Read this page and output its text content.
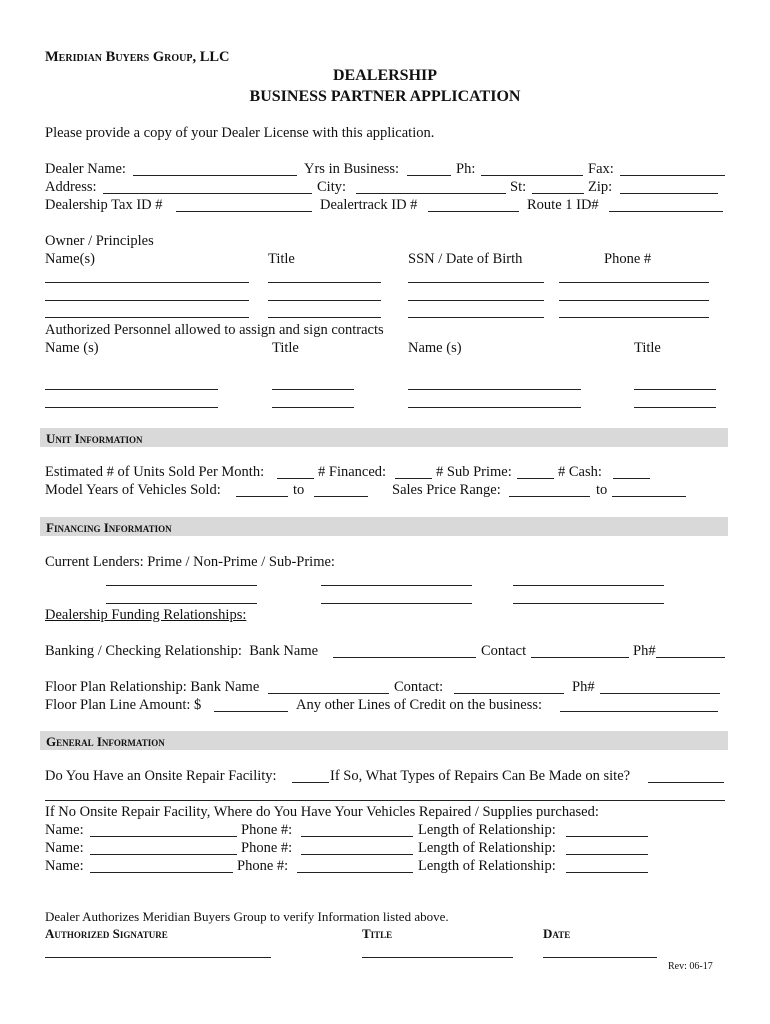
Meridian Buyers Group, LLC
DEALERSHIP
BUSINESS PARTNER APPLICATION
Please provide a copy of your Dealer License with this application.
Dealer Name:	Yrs in Business:	Ph:	Fax:
Address:	City:	St:	Zip:
Dealership Tax ID #	Dealertrack ID #	Route 1 ID#
Owner / Principles
Name(s)	Title	SSN / Date of Birth	Phone #
Authorized Personnel allowed to assign and sign contracts
Name (s)	Title	Name (s)	Title
Unit Information
Estimated # of Units Sold Per Month:	# Financed:	# Sub Prime:	# Cash:
Model Years of Vehicles Sold:	to	Sales Price Range:	to
Financing Information
Current Lenders: Prime / Non-Prime / Sub-Prime:
Dealership Funding Relationships:
Banking / Checking Relationship:  Bank Name	Contact	Ph#
Floor Plan Relationship: Bank Name	Contact:	Ph#
Floor Plan Line Amount: $	Any other Lines of Credit on the business:
General Information
Do You Have an Onsite Repair Facility:	If So, What Types of Repairs Can Be Made on site?
If No Onsite Repair Facility, Where do You Have Your Vehicles Repaired / Supplies purchased:
Name:	Phone #:	Length of Relationship:
Name:	Phone #:	Length of Relationship:
Name:	Phone #:	Length of Relationship:
Dealer Authorizes Meridian Buyers Group to verify Information listed above.
Authorized Signature	Title	Date
Rev: 06-17
